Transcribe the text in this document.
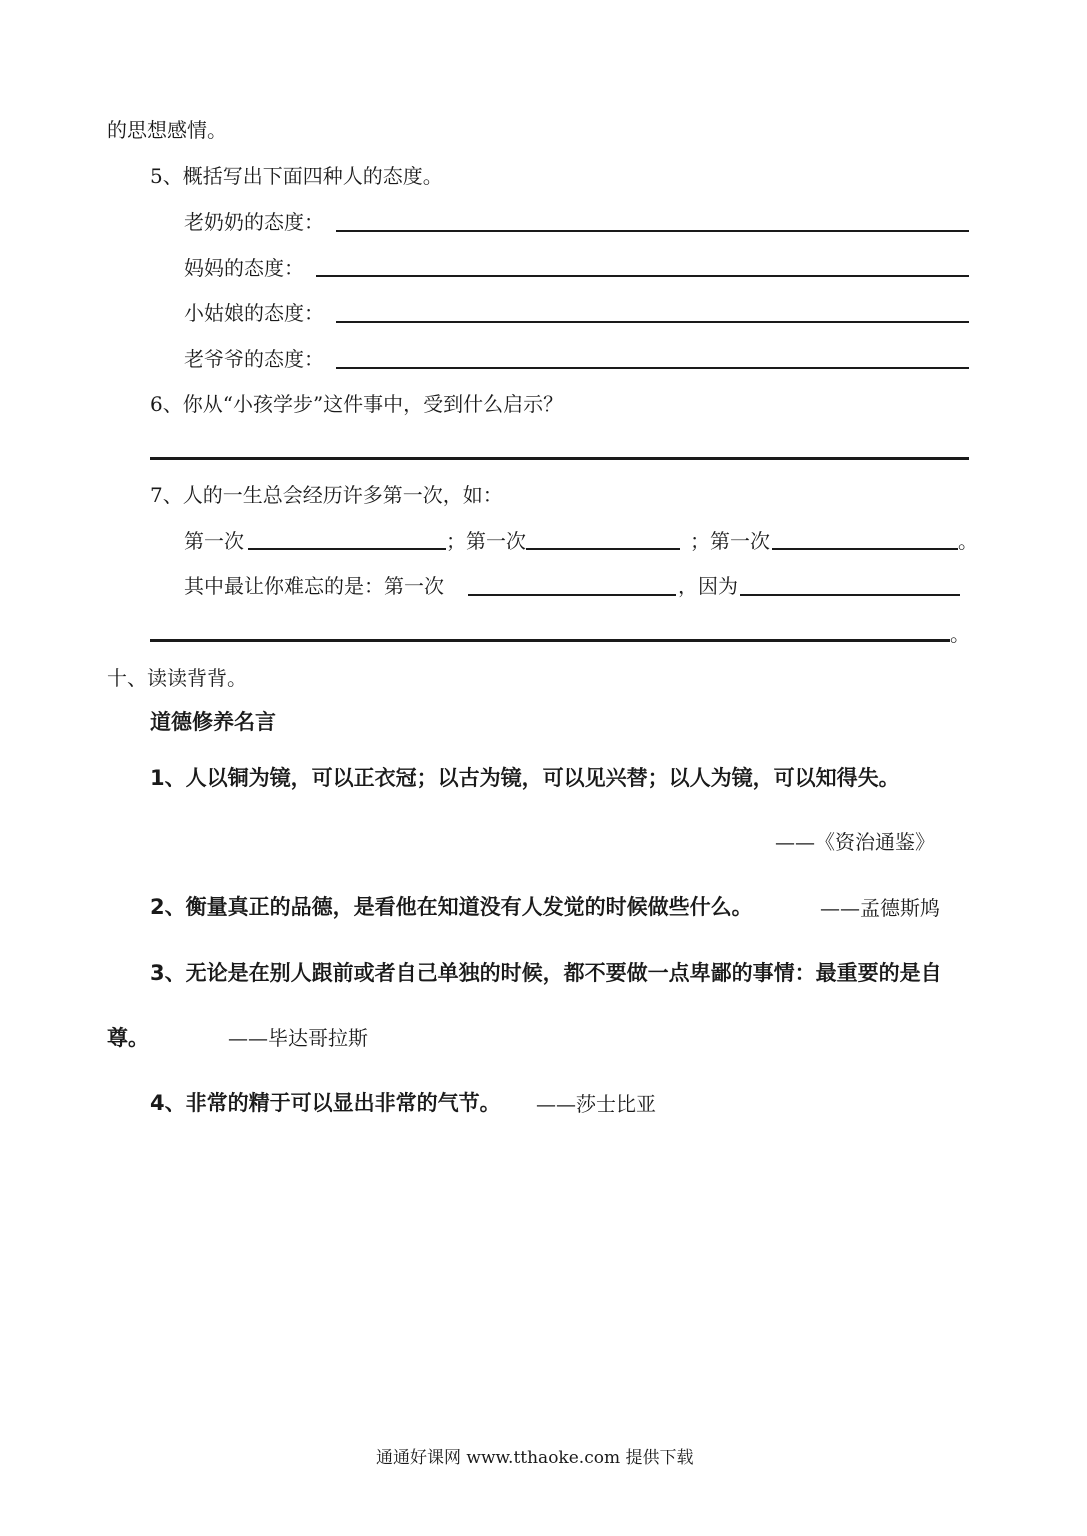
的思想感情。
5、概括写出下面四种人的态度。
老奶奶的态度：
妈妈的态度：
小姑娘的态度：
老爷爷的态度：
6、你从“小孩学步”这件事中，受到什么启示？
7、人的一生总会经历许多第一次，如：
第一次	；第一次	；第一次	。
其中最让你难忘的是：第一次	，因为
。
十、读读背背。
道德修养名言
1、人以铜为镜，可以正衣冠；以古为镜，可以见兴替；以人为镜，可以知得失。
——《资治通鉴》
2、衡量真正的品德，是看他在知道没有人发觉的时候做些什么。	——孟德斯鸠
3、无论是在别人跟前或者自己单独的时候，都不要做一点卑鄙的事情：最重要的是自
尊。	——毕达哥拉斯
4、非常的精于可以显出非常的气节。 ——莎士比亚
通通好课网 www.tthaoke.com 提供下载
